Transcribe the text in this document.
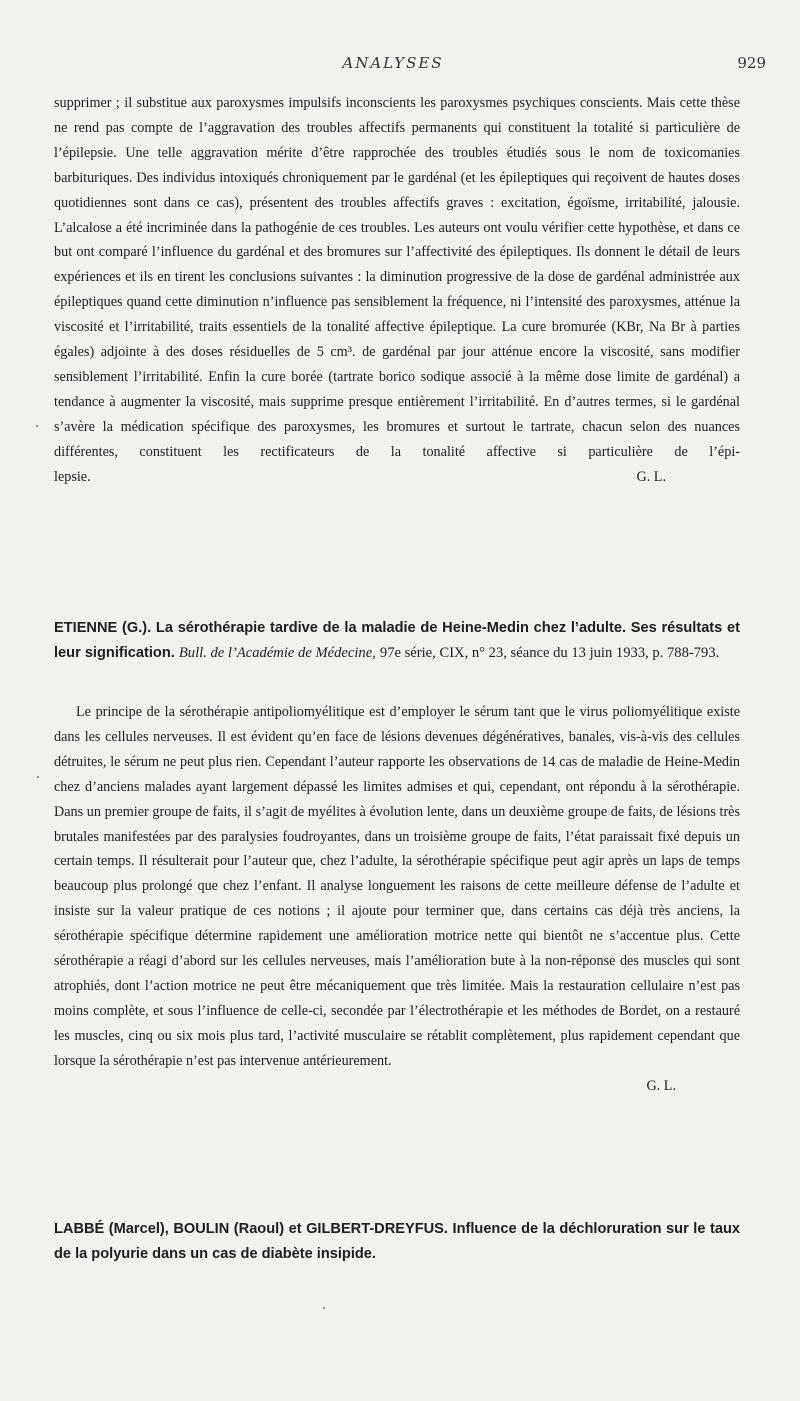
ANALYSES	929

supprimer ; il substitue aux paroxysmes impulsifs inconscients les paroxysmes psychiques conscients. Mais cette thèse ne rend pas compte de l’aggravation des troubles affectifs permanents qui constituent la totalité si particulière de l’épilepsie. Une telle aggravation mérite d’être rapprochée des troubles étudiés sous le nom de toxicomanies barbituriques. Des individus intoxiqués chroniquement par le gardénal (et les épileptiques qui reçoivent de hautes doses quotidiennes sont dans ce cas), présentent des troubles affectifs graves : excitation, égoïsme, irritabilité, jalousie. L’alcalose a été incriminée dans la pathogénie de ces troubles. Les auteurs ont voulu vérifier cette hypothèse, et dans ce but ont comparé l’influence du gardénal et des bromures sur l’affectivité des épileptiques. Ils donnent le détail de leurs expériences et ils en tirent les conclusions suivantes : la diminution progressive de la dose de gardénal administrée aux épileptiques quand cette diminution n’influence pas sensiblement la fréquence, ni l’intensité des paroxysmes, atténue la viscosité et l’irritabilité, traits essentiels de la tonalité affective épileptique. La cure bromurée (KBr, Na Br à parties égales) adjointe à des doses résiduelles de 5 cm³. de gardénal par jour atténue encore la viscosité, sans modifier sensiblement l’irritabilité. Enfin la cure borée (tartrate borico sodique associé à la même dose limite de gardénal) a tendance à augmenter la viscosité, mais supprime presque entièrement l’irritabilité. En d’autres termes, si le gardénal s’avère la médication spécifique des paroxysmes, les bromures et surtout le tartrate, chacun selon des nuances différentes, constituent les rectificateurs de la tonalité affective si particulière de l’épi-

lepsie.	G. L.
ETIENNE (G.). La sérothérapie tardive de la maladie de Heine-Medin chez l’adulte. Ses résultats et leur signification. Bull. de l’Académie de Médecine, 97e série, CIX, n° 23, séance du 13 juin 1933, p. 788-793.

Le principe de la sérothérapie antipoliomyélitique est d’employer le sérum tant que le virus poliomyélitique existe dans les cellules nerveuses. Il est évident qu’en face de lésions devenues dégénératives, banales, vis-à-vis des cellules détruites, le sérum ne peut plus rien. Cependant l’auteur rapporte les observations de 14 cas de maladie de Heine-Medin chez d’anciens malades ayant largement dépassé les limites admises et qui, cependant, ont répondu à la sérothérapie. Dans un premier groupe de faits, il s’agit de myélites à évolution lente, dans un deuxième groupe de faits, de lésions très brutales manifestées par des paralysies foudroyantes, dans un troisième groupe de faits, l’état paraissait fixé depuis un certain temps. Il résulterait pour l’auteur que, chez l’adulte, la sérothérapie spécifique peut agir après un laps de temps beaucoup plus prolongé que chez l’enfant. Il analyse longuement les raisons de cette meilleure défense de l’adulte et insiste sur la valeur pratique de ces notions ; il ajoute pour terminer que, dans certains cas déjà très anciens, la sérothérapie spécifique détermine rapidement une amélioration motrice nette qui bientôt ne s’accentue plus. Cette sérothérapie a réagi d’abord sur les cellules nerveuses, mais l’amélioration bute à la non-réponse des muscles qui sont atrophiés, dont l’action motrice ne peut être mécaniquement que très limitée. Mais la restauration cellulaire n’est pas moins complète, et sous l’influence de celle-ci, secondée par l’électrothérapie et les méthodes de Bordet, on a restauré les muscles, cinq ou six mois plus tard, l’activité musculaire se rétablit complètement, plus rapidement cependant que lorsque la sérothérapie n’est pas intervenue antérieurement.

G. L.

LABBÉ (Marcel), BOULIN (Raoul) et GILBERT-DREYFUS. Influence de la déchloruration sur le taux de la polyurie dans un cas de diabète insipide.
